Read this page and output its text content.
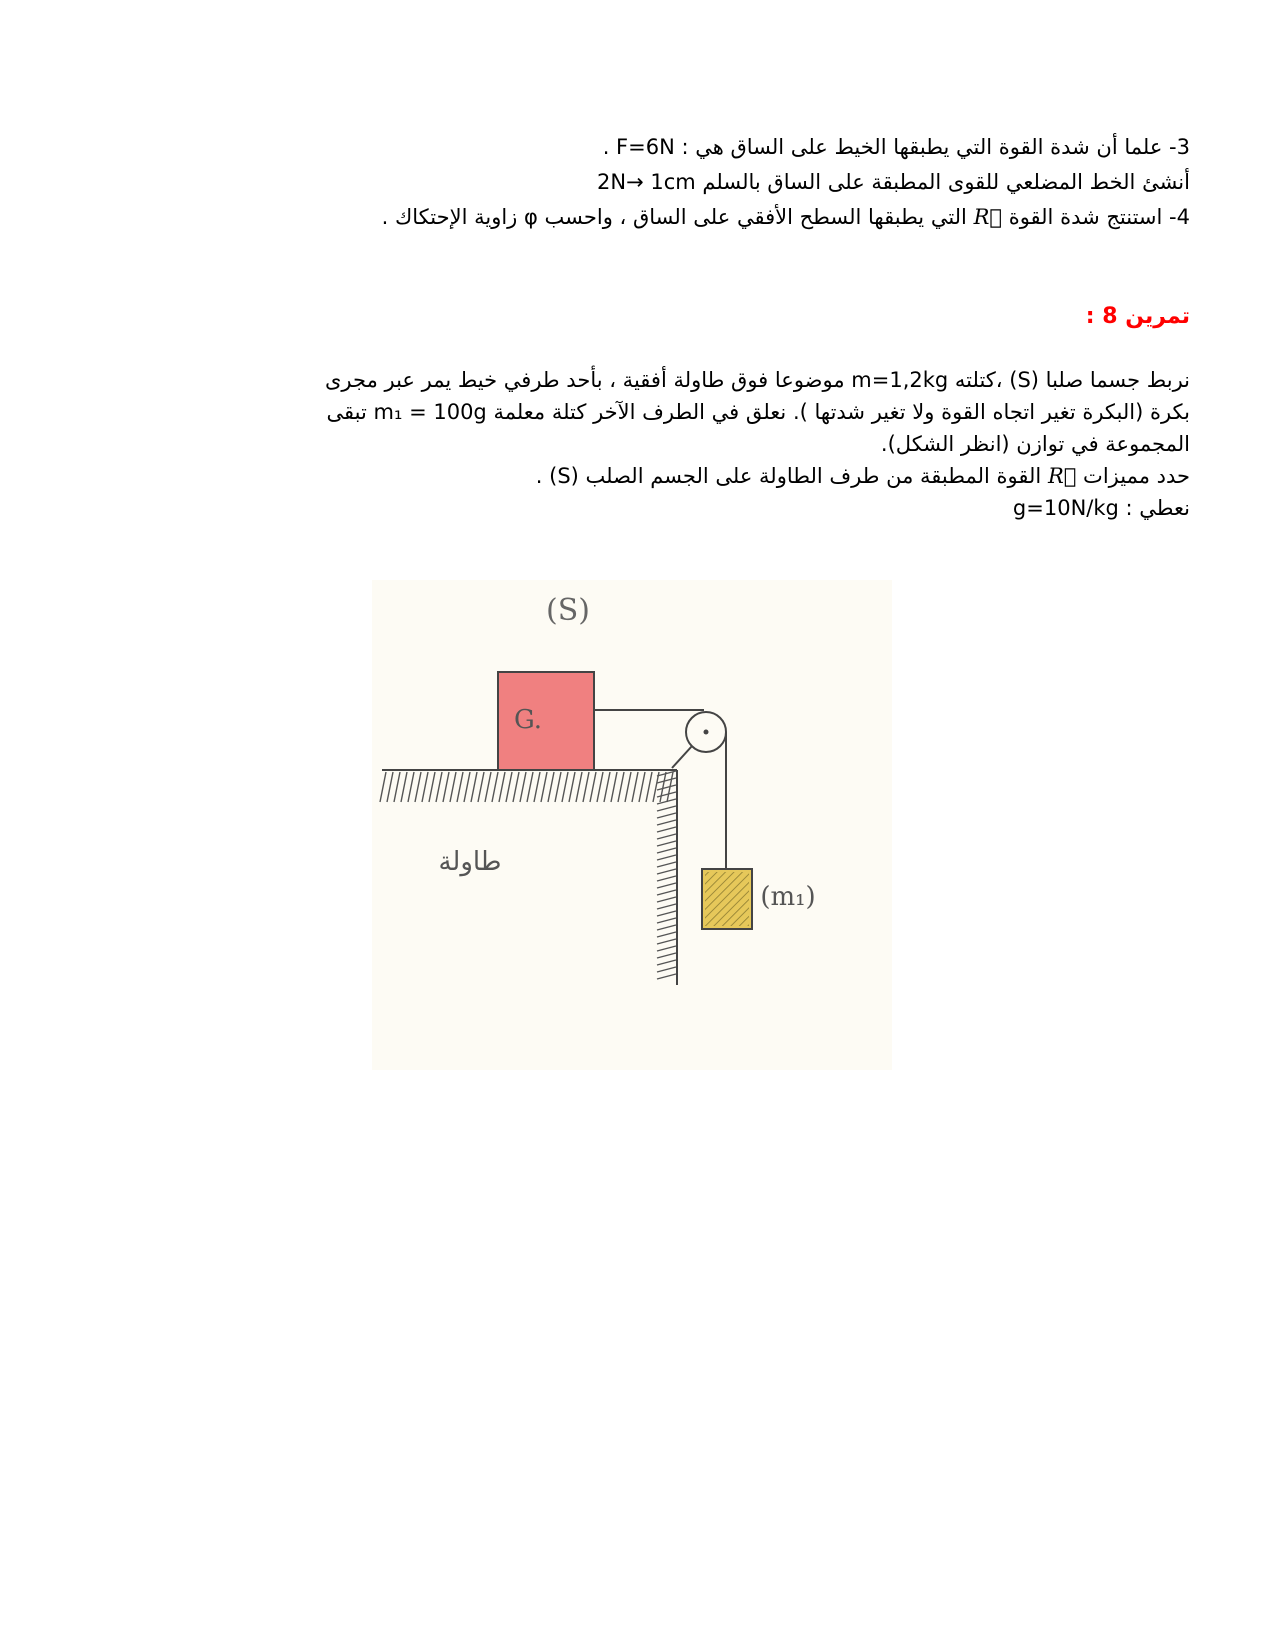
3- علما أن شدة القوة التي يطبقها الخيط على الساق هي : F=6N .
أنشئ الخط المضلعي للقوى المطبقة على الساق بالسلم 2N→ 1cm
4- استنتج شدة القوة R⃗ التي يطبقها السطح الأفقي على الساق ، واحسب φ زاوية الإحتكاك .
تمرين 8 :
نربط جسما صلبا (S) ،كتلته m=1,2kg موضوعا فوق طاولة أفقية ، بأحد طرفي خيط يمر عبر مجرى
بكرة (البكرة تغير اتجاه القوة ولا تغير شدتها ). نعلق في الطرف الآخر كتلة معلمة m₁ = 100g تبقى
المجموعة في توازن (انظر الشكل).
حدد مميزات R⃗ القوة المطبقة من طرف الطاولة على الجسم الصلب (S) .
نعطي : g=10N/kg
(S)
G.
(m₁)
طاولة
